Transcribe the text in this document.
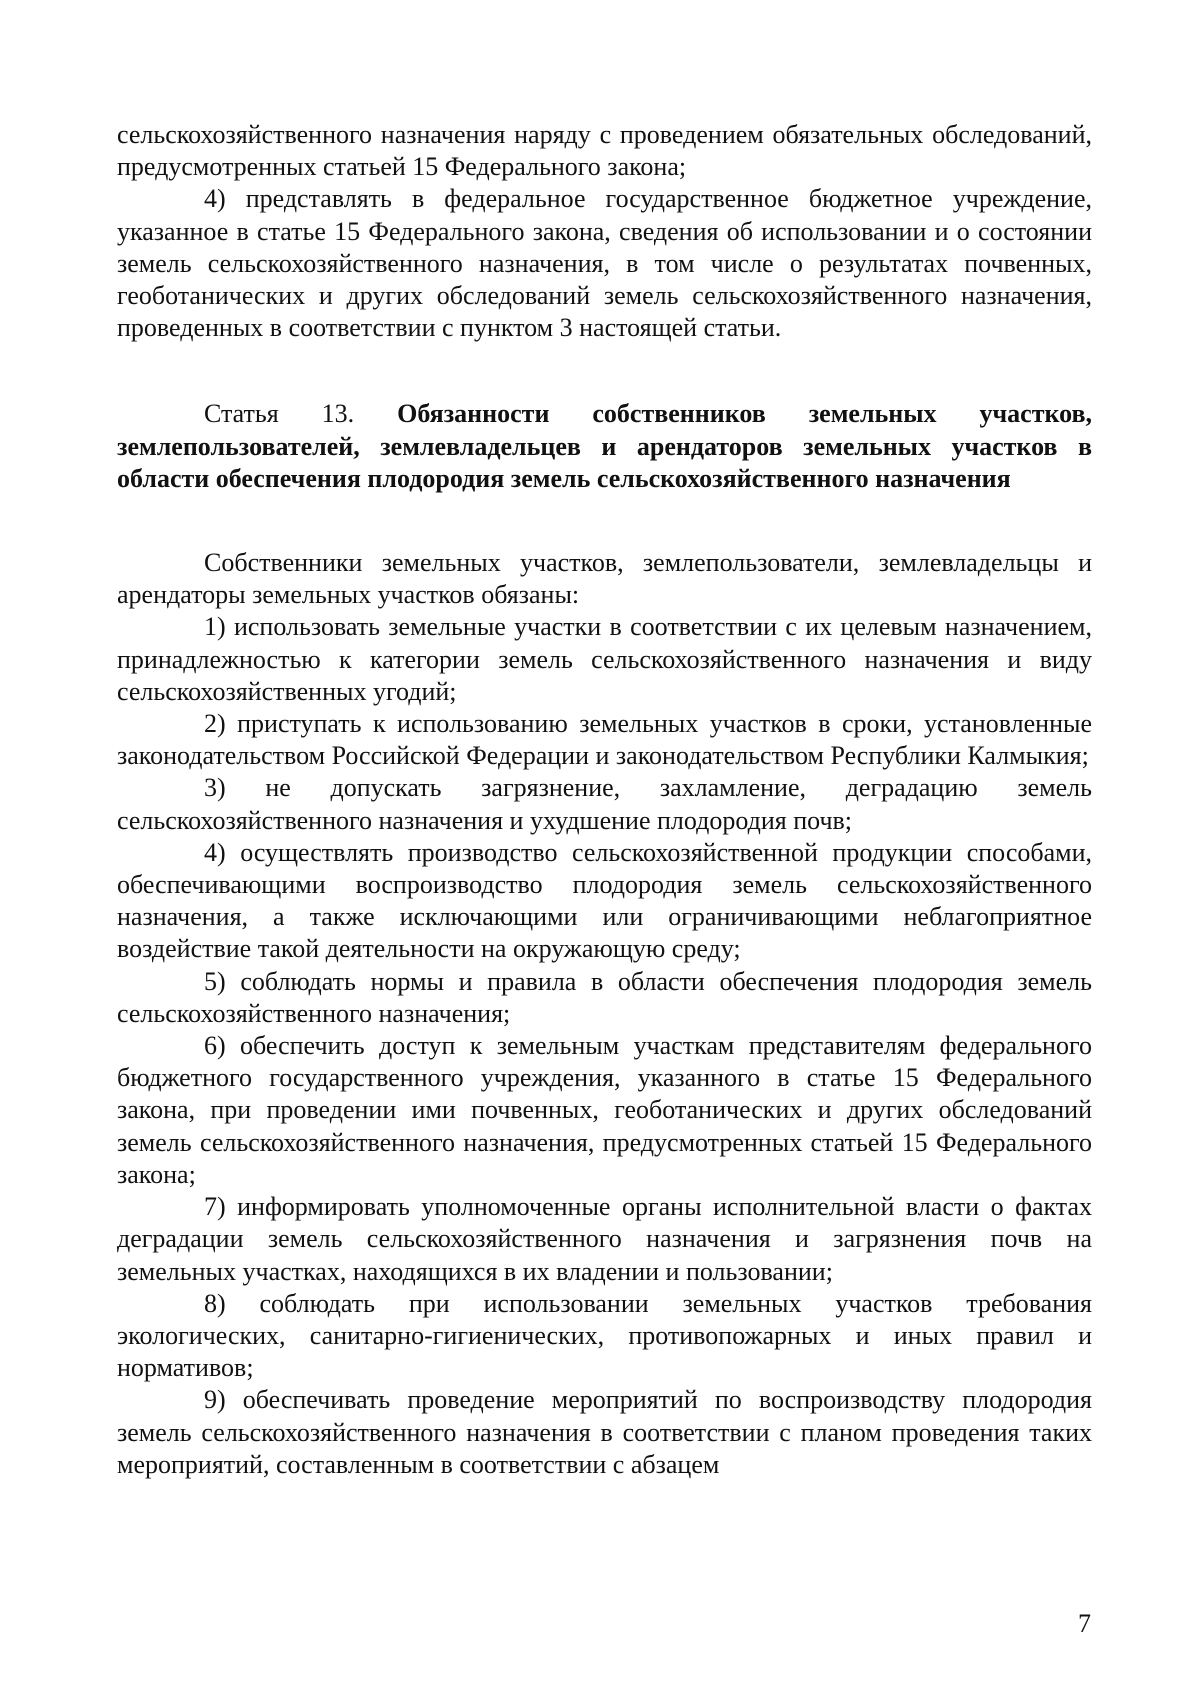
сельскохозяйственного назначения наряду с проведением обязательных обследований, предусмотренных статьей 15 Федерального закона;

4) представлять в федеральное государственное бюджетное учреждение, указанное в статье 15 Федерального закона, сведения об использовании и о состоянии земель сельскохозяйственного назначения, в том числе о результатах почвенных, геоботанических и других обследований земель сельскохозяйственного назначения, проведенных в соответствии с пунктом 3 настоящей статьи.

Статья 13. Обязанности собственников земельных участков, землепользователей, землевладельцев и арендаторов земельных участков в области обеспечения плодородия земель сельскохозяйственного назначения

Собственники земельных участков, землепользователи, землевладельцы и арендаторы земельных участков обязаны:

1) использовать земельные участки в соответствии с их целевым назначением, принадлежностью к категории земель сельскохозяйственного назначения и виду сельскохозяйственных угодий;

2) приступать к использованию земельных участков в сроки, установленные законодательством Российской Федерации и законодательством Республики Калмыкия;

3) не допускать загрязнение, захламление, деградацию земель сельскохозяйственного назначения и ухудшение плодородия почв;

4) осуществлять производство сельскохозяйственной продукции способами, обеспечивающими воспроизводство плодородия земель сельскохозяйственного назначения, а также исключающими или ограничивающими неблагоприятное воздействие такой деятельности на окружающую среду;

5) соблюдать нормы и правила в области обеспечения плодородия земель сельскохозяйственного назначения;

6) обеспечить доступ к земельным участкам представителям федерального бюджетного государственного учреждения, указанного в статье 15 Федерального закона, при проведении ими почвенных, геоботанических и других обследований земель сельскохозяйственного назначения, предусмотренных статьей 15 Федерального закона;

7) информировать уполномоченные органы исполнительной власти о фактах деградации земель сельскохозяйственного назначения и загрязнения почв на земельных участках, находящихся в их владении и пользовании;

8) соблюдать при использовании земельных участков требования экологических, санитарно-гигиенических, противопожарных и иных правил и нормативов;

9) обеспечивать проведение мероприятий по воспроизводству плодородия земель сельскохозяйственного назначения в соответствии с планом проведения таких мероприятий, составленным в соответствии с абзацем

7
